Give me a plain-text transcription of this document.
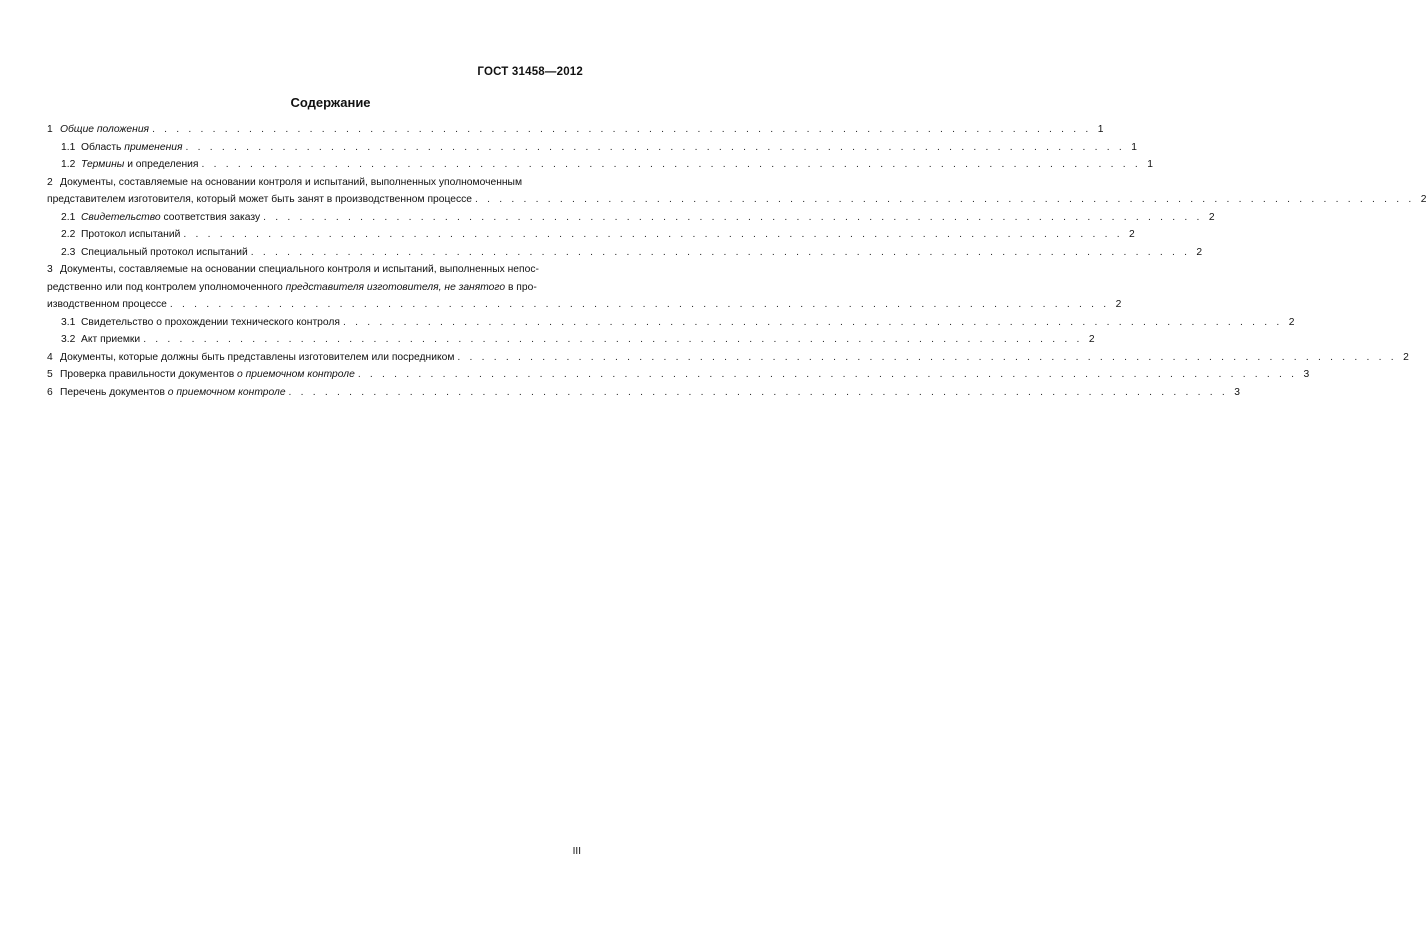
ГОСТ 31458—2012
Содержание
1 Общие положения . . . . . . . . . . . . . . . . . . . . . . . . . . . . . . . . . . . . . . . . . . . . . . . . . . . . . . . . . . . . . . . . . . . . . . . . . . . . . . 1
1.1 Область применения . . . . . . . . . . . . . . . . . . . . . . . . . . . . . . . . . . . . . . . . . . . . . . . . . . . . . . . . . . . . . . . . . . . . . . . . . . . . . . 1
1.2 Термины и определения . . . . . . . . . . . . . . . . . . . . . . . . . . . . . . . . . . . . . . . . . . . . . . . . . . . . . . . . . . . . . . . . . . . . . . . . . . . . . . 1
2 Документы, составляемые на основании контроля и испытаний, выполненных уполномоченным
представителем изготовителя, который может быть занят в производственном процессе . . . . . . . . . . . . . . . . . . . . . . . . . . . . . . . . . . . . . . . . . . . . . . . . . . . . . . . . . . . . . . . . . . . . . . . . . . . . . . 2
2.1 Свидетельство соответствия заказу . . . . . . . . . . . . . . . . . . . . . . . . . . . . . . . . . . . . . . . . . . . . . . . . . . . . . . . . . . . . . . . . . . . . . . . . . . . . . . 2
2.2 Протокол испытаний . . . . . . . . . . . . . . . . . . . . . . . . . . . . . . . . . . . . . . . . . . . . . . . . . . . . . . . . . . . . . . . . . . . . . . . . . . . . . . 2
2.3 Специальный протокол испытаний . . . . . . . . . . . . . . . . . . . . . . . . . . . . . . . . . . . . . . . . . . . . . . . . . . . . . . . . . . . . . . . . . . . . . . . . . . . . . . 2
3 Документы, составляемые на основании специального контроля и испытаний, выполненных непос-
редственно или под контролем уполномоченного представителя изготовителя, не занятого в про-
изводственном процессе . . . . . . . . . . . . . . . . . . . . . . . . . . . . . . . . . . . . . . . . . . . . . . . . . . . . . . . . . . . . . . . . . . . . . . . . . . . . . . 2
3.1 Свидетельство о прохождении технического контроля . . . . . . . . . . . . . . . . . . . . . . . . . . . . . . . . . . . . . . . . . . . . . . . . . . . . . . . . . . . . . . . . . . . . . . . . . . . . . . 2
3.2 Акт приемки . . . . . . . . . . . . . . . . . . . . . . . . . . . . . . . . . . . . . . . . . . . . . . . . . . . . . . . . . . . . . . . . . . . . . . . . . . . . . . 2
4 Документы, которые должны быть представлены изготовителем или посредником . . . . . . . . . . . . . . . . . . . . . . . . . . . . . . . . . . . . . . . . . . . . . . . . . . . . . . . . . . . . . . . . . . . . . . . . . . . . . . 2
5 Проверка правильности документов о приемочном контроле . . . . . . . . . . . . . . . . . . . . . . . . . . . . . . . . . . . . . . . . . . . . . . . . . . . . . . . . . . . . . . . . . . . . . . . . . . . . . . 3
6 Перечень документов о приемочном контроле . . . . . . . . . . . . . . . . . . . . . . . . . . . . . . . . . . . . . . . . . . . . . . . . . . . . . . . . . . . . . . . . . . . . . . . . . . . . . . 3
III
